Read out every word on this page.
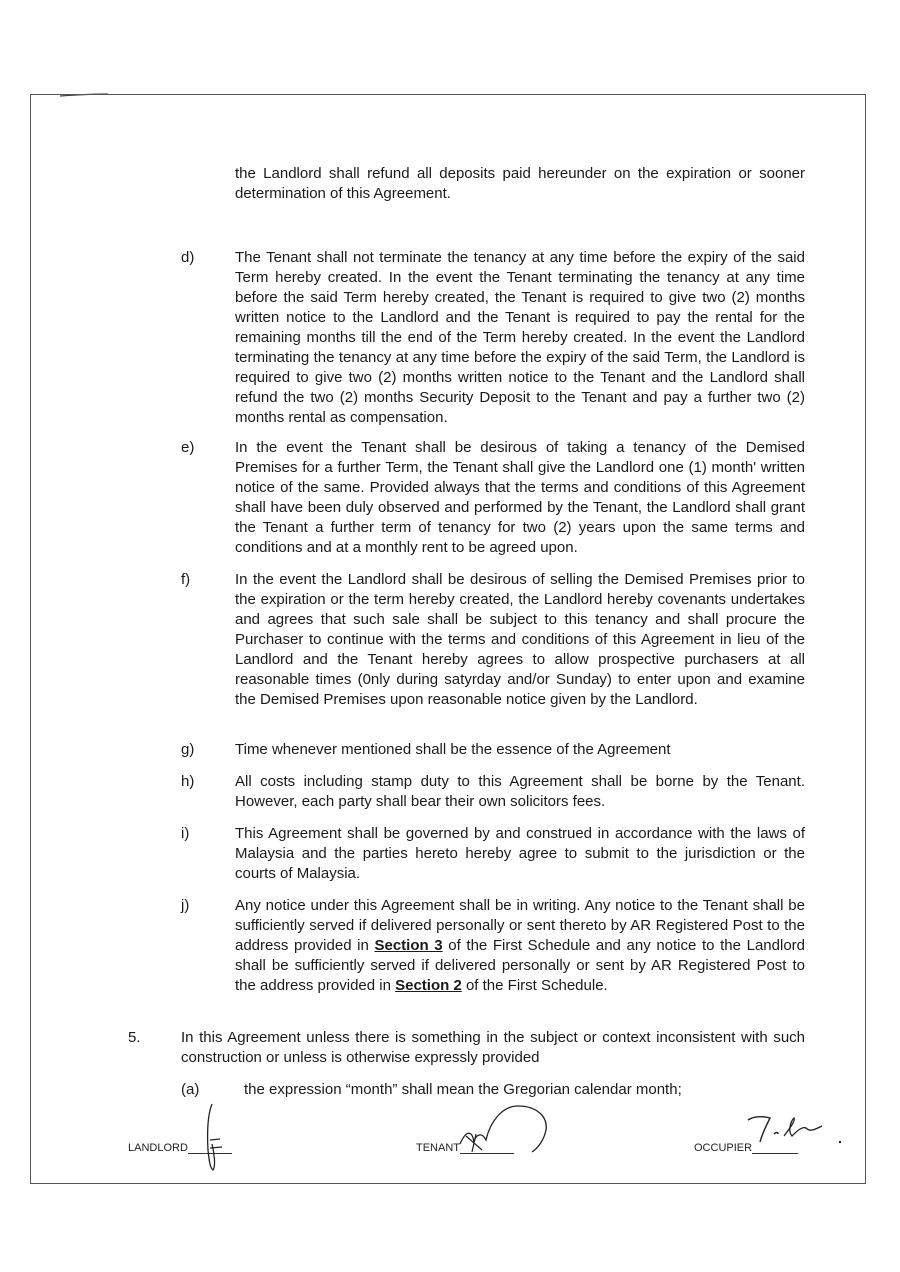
the Landlord shall refund all deposits paid hereunder on the expiration or sooner determination of this Agreement.

d)	The Tenant shall not terminate the tenancy at any time before the expiry of the said Term hereby created. In the event the Tenant terminating the tenancy at any time before the said Term hereby created, the Tenant is required to give two (2) months written notice to the Landlord and the Tenant is required to pay the rental for the remaining months till the end of the Term hereby created. In the event the Landlord terminating the tenancy at any time before the expiry of the said Term, the Landlord is required to give two (2) months written notice to the Tenant and the Landlord shall refund the two (2) months Security Deposit to the Tenant and pay a further two (2) months rental as compensation.

e)	In the event the Tenant shall be desirous of taking a tenancy of the Demised Premises for a further Term, the Tenant shall give the Landlord one (1) month' written notice of the same. Provided always that the terms and conditions of this Agreement shall have been duly observed and performed by the Tenant, the Landlord shall grant the Tenant a further term of tenancy for two (2) years upon the same terms and conditions and at a monthly rent to be agreed upon.

f)	In the event the Landlord shall be desirous of selling the Demised Premises prior to the expiration or the term hereby created, the Landlord hereby covenants undertakes and agrees that such sale shall be subject to this tenancy and shall procure the Purchaser to continue with the terms and conditions of this Agreement in lieu of the Landlord and the Tenant hereby agrees to allow prospective purchasers at all reasonable times (0nly during satyrday and/or Sunday) to enter upon and examine the Demised Premises upon reasonable notice given by the Landlord.

g)	Time whenever mentioned shall be the essence of the Agreement

h)	All costs including stamp duty to this Agreement shall be borne by the Tenant. However, each party shall bear their own solicitors fees.

i)	This Agreement shall be governed by and construed in accordance with the laws of Malaysia and the parties hereto hereby agree to submit to the jurisdiction or the courts of Malaysia.

j)	Any notice under this Agreement shall be in writing. Any notice to the Tenant shall be sufficiently served if delivered personally or sent thereto by AR Registered Post to the address provided in Section 3 of the First Schedule and any notice to the Landlord shall be sufficiently served if delivered personally or sent by AR Registered Post to the address provided in Section 2 of the First Schedule.

5.	In this Agreement unless there is something in the subject or context inconsistent with such construction or unless is otherwise expressly provided

(a)	the expression “month” shall mean the Gregorian calendar month;

LANDLORD	TENANT	OCCUPIER
